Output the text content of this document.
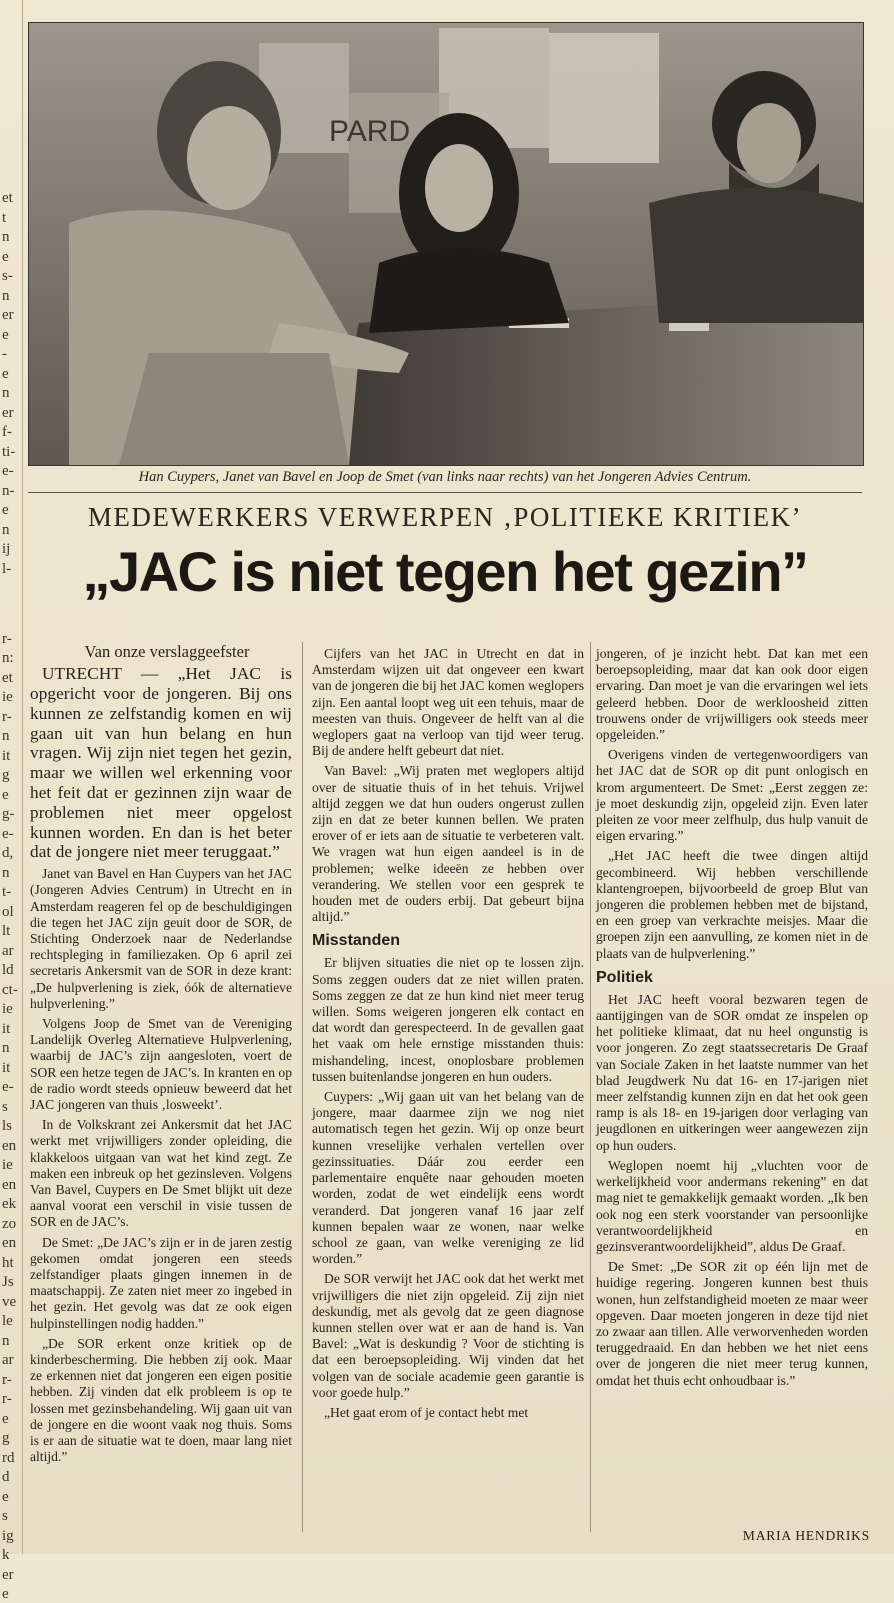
et
t
n
e
s-
n
er
e
-
e
n
er
f-
ti-
e-
n-
e
n
ij
l-
r-
n:
et
ie
r-
n
it
g
e
g-
e-
d,
n
t-
ol
lt
ar
ld
ct-
ie
it
n
it
e-
s
ls
en
ie
en
ek
zo
en
ht
Js
ve
le
n
ar
r-
r-
e
g
rd
d
e
s
ig
k
er
e
PARD
Han Cuypers, Janet van Bavel en Joop de Smet (van links naar rechts) van het Jongeren Advies Centrum.
MEDEWERKERS VERWERPEN ‚POLITIEKE KRITIEK’
„JAC is niet tegen het gezin”

Van onze verslaggeefster

UTRECHT — „Het JAC is opgericht voor de jongeren. Bij ons kunnen ze zelfstandig komen en wij gaan uit van hun belang en hun vragen. Wij zijn niet tegen het gezin, maar we willen wel erkenning voor het feit dat er gezinnen zijn waar de problemen niet meer opgelost kunnen worden. En dan is het beter dat de jongere niet meer teruggaat.”

Janet van Bavel en Han Cuypers van het JAC (Jongeren Advies Centrum) in Utrecht en in Amsterdam reageren fel op de beschuldigingen die tegen het JAC zijn geuit door de SOR, de Stichting Onderzoek naar de Nederlandse rechtspleging in familiezaken. Op 6 april zei secretaris Ankersmit van de SOR in deze krant: „De hulpverlening is ziek, óók de alternatieve hulpverlening.”

Volgens Joop de Smet van de Vereniging Landelijk Overleg Alternatieve Hulpverlening, waarbij de JAC’s zijn aangesloten, voert de SOR een hetze tegen de JAC’s. In kranten en op de radio wordt steeds opnieuw beweerd dat het JAC jongeren van thuis ‚losweekt’.

In de Volkskrant zei Ankersmit dat het JAC werkt met vrijwilligers zonder opleiding, die klakkeloos uitgaan van wat het kind zegt. Ze maken een inbreuk op het gezinsleven. Volgens Van Bavel, Cuypers en De Smet blijkt uit deze aanval voorat een verschil in visie tussen de SOR en de JAC’s.

De Smet: „De JAC’s zijn er in de jaren zestig gekomen omdat jongeren een steeds zelfstandiger plaats gingen innemen in de maatschappij. Ze zaten niet meer zo ingebed in het gezin. Het gevolg was dat ze ook eigen hulpinstellingen nodig hadden.”

„De SOR erkent onze kritiek op de kinderbescherming. Die hebben zij ook. Maar ze erkennen niet dat jongeren een eigen positie hebben. Zij vinden dat elk probleem is op te lossen met gezinsbehandeling. Wij gaan uit van de jongere en die woont vaak nog thuis. Soms is er aan de situatie wat te doen, maar lang niet altijd.”

Cijfers van het JAC in Utrecht en dat in Amsterdam wijzen uit dat ongeveer een kwart van de jongeren die bij het JAC komen weglopers zijn. Een aantal loopt weg uit een tehuis, maar de meesten van thuis. Ongeveer de helft van al die weglopers gaat na verloop van tijd weer terug. Bij de andere helft gebeurt dat niet.

Van Bavel: „Wij praten met weglopers altijd over de situatie thuis of in het tehuis. Vrijwel altijd zeggen we dat hun ouders ongerust zullen zijn en dat ze beter kunnen bellen. We praten erover of er iets aan de situatie te verbeteren valt. We vragen wat hun eigen aandeel is in de problemen; welke ideeën ze hebben over verandering. We stellen voor een gesprek te houden met de ouders erbij. Dat gebeurt bijna altijd.”

Misstanden

Er blijven situaties die niet op te lossen zijn. Soms zeggen ouders dat ze niet willen praten. Soms zeggen ze dat ze hun kind niet meer terug willen. Soms weigeren jongeren elk contact en dat wordt dan gerespecteerd. In de gevallen gaat het vaak om hele ernstige misstanden thuis: mishandeling, incest, onoplosbare problemen tussen buitenlandse jongeren en hun ouders.

Cuypers: „Wij gaan uit van het belang van de jongere, maar daarmee zijn we nog niet automatisch tegen het gezin. Wij op onze beurt kunnen vreselijke verhalen vertellen over gezinssituaties. Dáár zou eerder een parlementaire enquête naar gehouden moeten worden, zodat de wet eindelijk eens wordt veranderd. Dat jongeren vanaf 16 jaar zelf kunnen bepalen waar ze wonen, naar welke school ze gaan, van welke vereniging ze lid worden.”

De SOR verwijt het JAC ook dat het werkt met vrijwilligers die niet zijn opgeleid. Zij zijn niet deskundig, met als gevolg dat ze geen diagnose kunnen stellen over wat er aan de hand is. Van Bavel: „Wat is deskundig ? Voor de stichting is dat een beroepsopleiding. Wij vinden dat het volgen van de sociale academie geen garantie is voor goede hulp.”

„Het gaat erom of je contact hebt met

jongeren, of je inzicht hebt. Dat kan met een beroepsopleiding, maar dat kan ook door eigen ervaring. Dan moet je van die ervaringen wel iets geleerd hebben. Door de werkloosheid zitten trouwens onder de vrijwilligers ook steeds meer opgeleiden.”

Overigens vinden de vertegenwoordigers van het JAC dat de SOR op dit punt onlogisch en krom argumenteert. De Smet: „Eerst zeggen ze: je moet deskundig zijn, opgeleid zijn. Even later pleiten ze voor meer zelfhulp, dus hulp vanuit de eigen ervaring.”

„Het JAC heeft die twee dingen altijd gecombineerd. Wij hebben verschillende klantengroepen, bijvoorbeeld de groep Blut van jongeren die problemen hebben met de bijstand, en een groep van verkrachte meisjes. Maar die groepen zijn een aanvulling, ze komen niet in de plaats van de hulpverlening.”

Politiek

Het JAC heeft vooral bezwaren tegen de aantijgingen van de SOR omdat ze inspelen op het politieke klimaat, dat nu heel ongunstig is voor jongeren. Zo zegt staatssecretaris De Graaf van Sociale Zaken in het laatste nummer van het blad Jeugdwerk Nu dat 16- en 17-jarigen niet meer zelfstandig kunnen zijn en dat het ook geen ramp is als 18- en 19-jarigen door verlaging van jeugdlonen en uitkeringen weer aangewezen zijn op hun ouders.

Weglopen noemt hij „vluchten voor de werkelijkheid voor andermans rekening” en dat mag niet te gemakkelijk gemaakt worden. „Ik ben ook nog een sterk voorstander van persoonlijke verantwoordelijkheid en gezinsverantwoordelijkheid”, aldus De Graaf.

De Smet: „De SOR zit op één lijn met de huidige regering. Jongeren kunnen best thuis wonen, hun zelfstandigheid moeten ze maar weer opgeven. Daar moeten jongeren in deze tijd niet zo zwaar aan tillen. Alle verworvenheden worden teruggedraaid. En dan hebben we het niet eens over de jongeren die niet meer terug kunnen, omdat het thuis echt onhoudbaar is.”

MARIA HENDRIKS
